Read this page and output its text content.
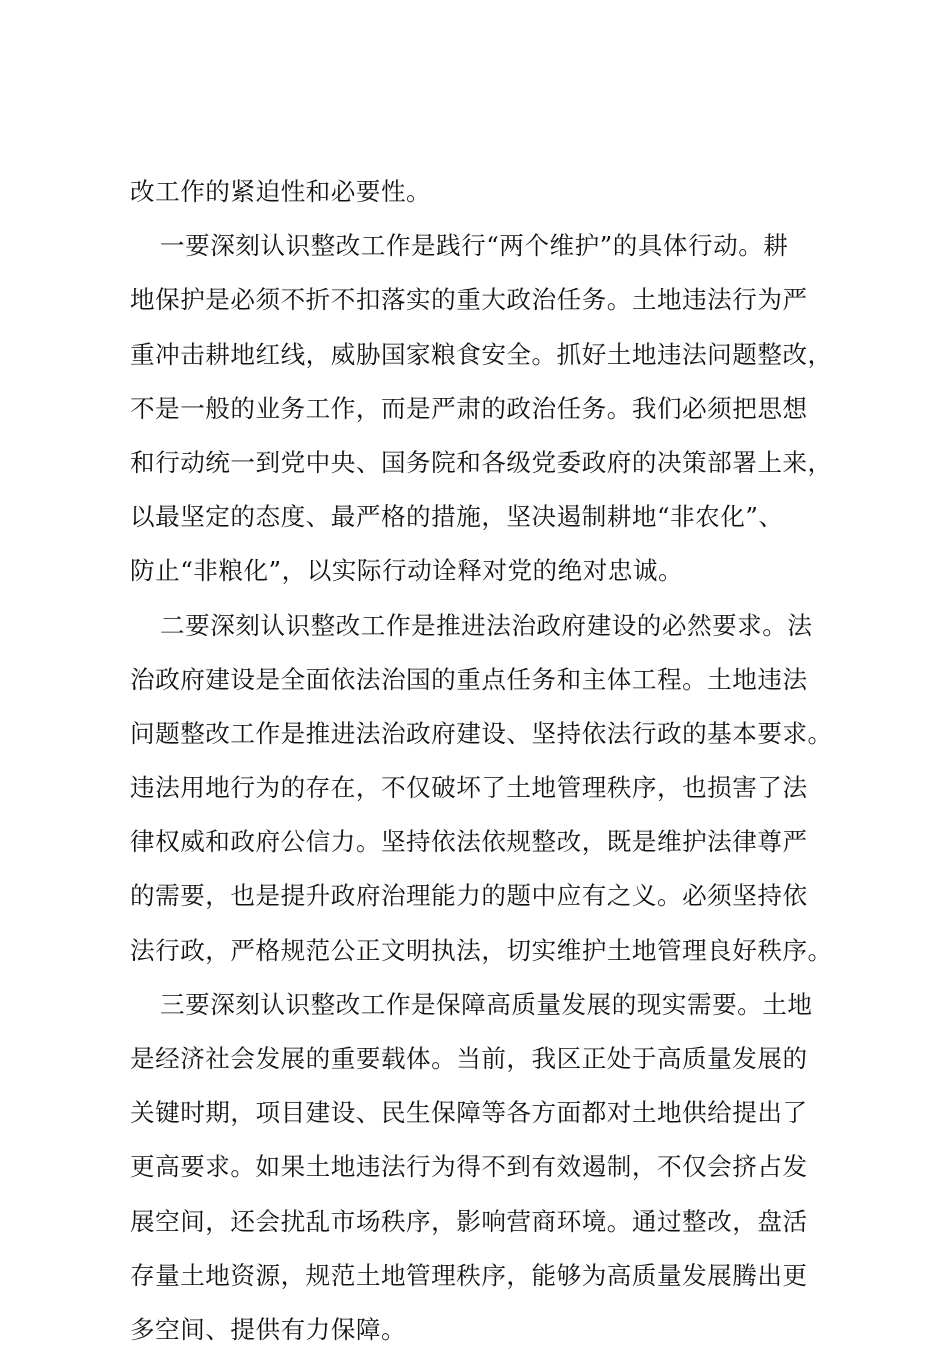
改工作的紧迫性和必要性。
一要深刻认识整改工作是践行“两个维护”的具体行动。耕
地保护是必须不折不扣落实的重大政治任务。土地违法行为严
重冲击耕地红线，威胁国家粮食安全。抓好土地违法问题整改，
不是一般的业务工作，而是严肃的政治任务。我们必须把思想
和行动统一到党中央、国务院和各级党委政府的决策部署上来，
以最坚定的态度、最严格的措施，坚决遏制耕地“非农化”、
防止“非粮化”，以实际行动诠释对党的绝对忠诚。
二要深刻认识整改工作是推进法治政府建设的必然要求。法
治政府建设是全面依法治国的重点任务和主体工程。土地违法
问题整改工作是推进法治政府建设、坚持依法行政的基本要求。
违法用地行为的存在，不仅破坏了土地管理秩序，也损害了法
律权威和政府公信力。坚持依法依规整改，既是维护法律尊严
的需要，也是提升政府治理能力的题中应有之义。必须坚持依
法行政，严格规范公正文明执法，切实维护土地管理良好秩序。
三要深刻认识整改工作是保障高质量发展的现实需要。土地
是经济社会发展的重要载体。当前，我区正处于高质量发展的
关键时期，项目建设、民生保障等各方面都对土地供给提出了
更高要求。如果土地违法行为得不到有效遏制，不仅会挤占发
展空间，还会扰乱市场秩序，影响营商环境。通过整改，盘活
存量土地资源，规范土地管理秩序，能够为高质量发展腾出更
多空间、提供有力保障。
